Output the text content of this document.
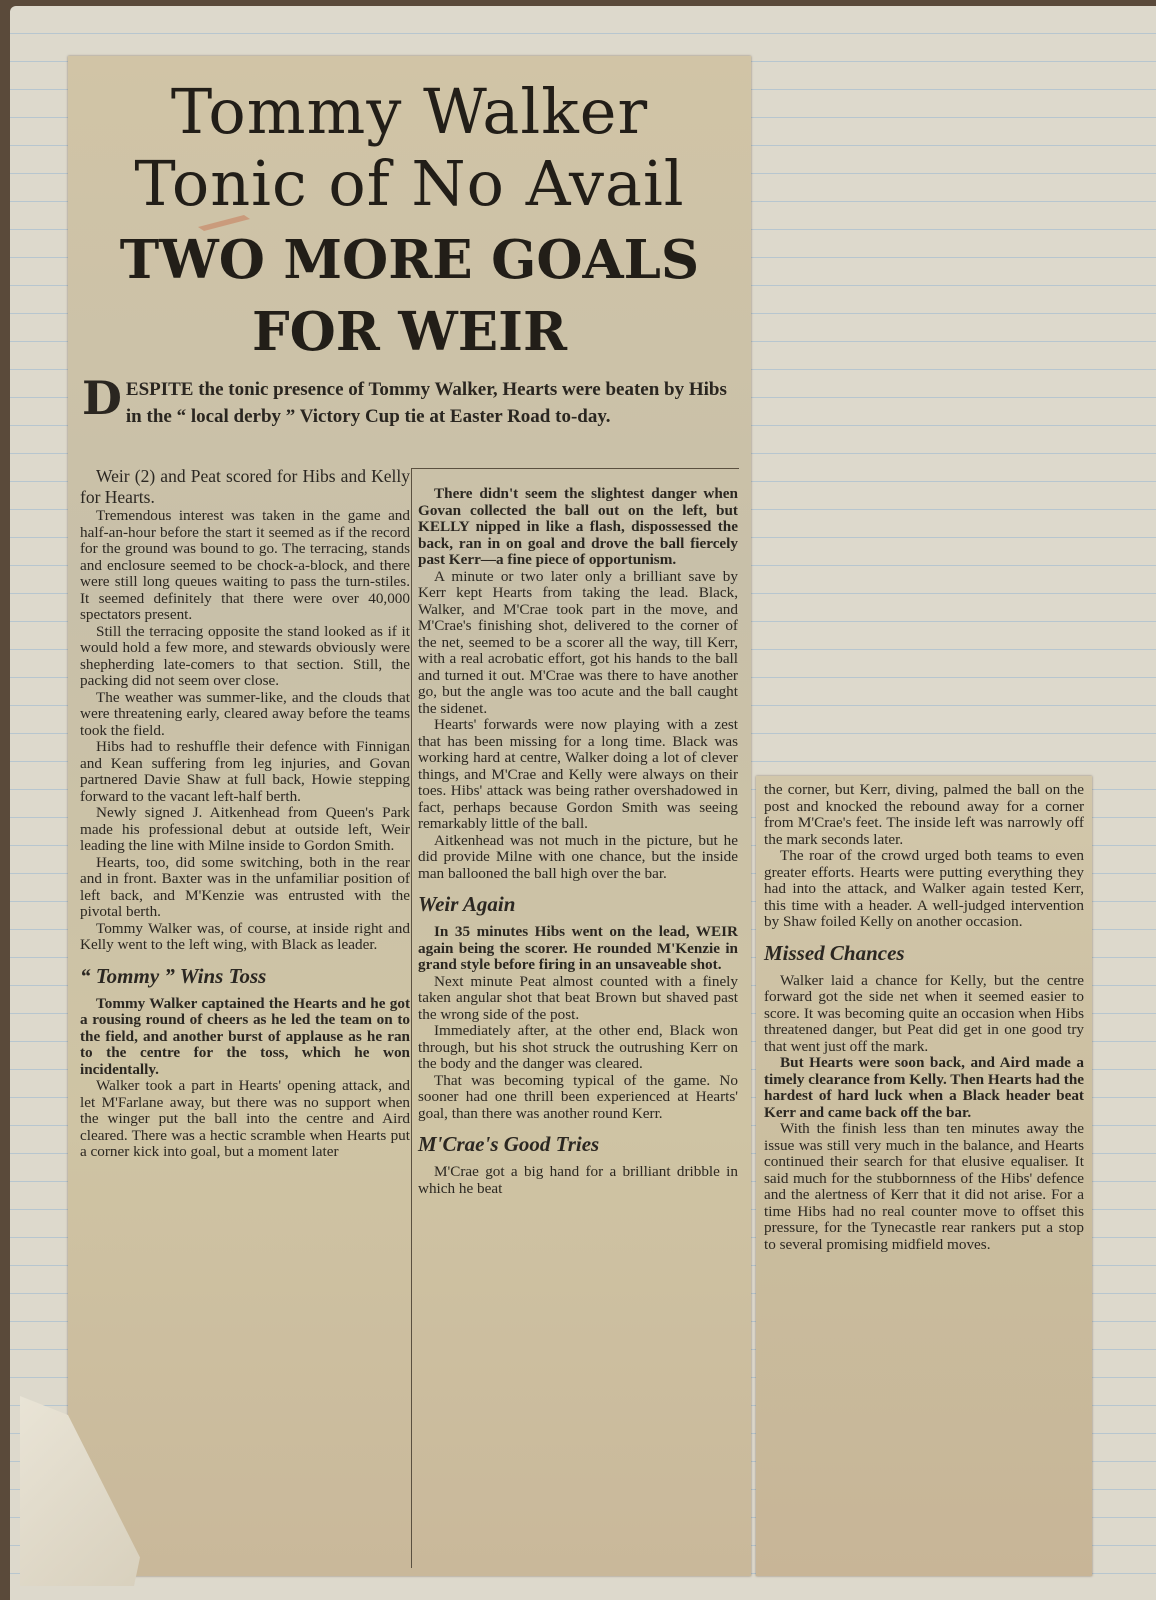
Tommy Walker
Tonic of No Avail
TWO MORE GOALS
FOR WEIR
D ESPITE the tonic presence of Tommy Walker, Hearts were beaten by Hibs in the “ local derby ” Victory Cup tie at Easter Road to-day.

Weir (2) and Peat scored for Hibs and Kelly for Hearts.

Tremendous interest was taken in the game and half-an-hour before the start it seemed as if the record for the ground was bound to go. The terracing, stands and enclosure seemed to be chock-a-block, and there were still long queues waiting to pass the turn-stiles. It seemed definitely that there were over 40,000 spectators present.

Still the terracing opposite the stand looked as if it would hold a few more, and stewards obviously were shepherding late-comers to that section. Still, the packing did not seem over close.

The weather was summer-like, and the clouds that were threatening early, cleared away before the teams took the field.

Hibs had to reshuffle their defence with Finnigan and Kean suffering from leg injuries, and Govan partnered Davie Shaw at full back, Howie stepping forward to the vacant left-half berth.

Newly signed J. Aitkenhead from Queen's Park made his professional debut at outside left, Weir leading the line with Milne inside to Gordon Smith.

Hearts, too, did some switching, both in the rear and in front. Baxter was in the unfamiliar position of left back, and M'Kenzie was entrusted with the pivotal berth.

Tommy Walker was, of course, at inside right and Kelly went to the left wing, with Black as leader.

“ Tommy ” Wins Toss

Tommy Walker captained the Hearts and he got a rousing round of cheers as he led the team on to the field, and another burst of applause as he ran to the centre for the toss, which he won incidentally.

Walker took a part in Hearts' opening attack, and let M'Farlane away, but there was no support when the winger put the ball into the centre and Aird cleared. There was a hectic scramble when Hearts put a corner kick into goal, but a moment later

There didn't seem the slightest danger when Govan collected the ball out on the left, but KELLY nipped in like a flash, dispossessed the back, ran in on goal and drove the ball fiercely past Kerr—a fine piece of opportunism.

A minute or two later only a brilliant save by Kerr kept Hearts from taking the lead. Black, Walker, and M'Crae took part in the move, and M'Crae's finishing shot, delivered to the corner of the net, seemed to be a scorer all the way, till Kerr, with a real acrobatic effort, got his hands to the ball and turned it out. M'Crae was there to have another go, but the angle was too acute and the ball caught the sidenet.

Hearts' forwards were now playing with a zest that has been missing for a long time. Black was working hard at centre, Walker doing a lot of clever things, and M'Crae and Kelly were always on their toes. Hibs' attack was being rather overshadowed in fact, perhaps because Gordon Smith was seeing remarkably little of the ball.

Aitkenhead was not much in the picture, but he did provide Milne with one chance, but the inside man ballooned the ball high over the bar.

Weir Again

In 35 minutes Hibs went on the lead, WEIR again being the scorer. He rounded M'Kenzie in grand style before firing in an unsaveable shot.

Next minute Peat almost counted with a finely taken angular shot that beat Brown but shaved past the wrong side of the post.

Immediately after, at the other end, Black won through, but his shot struck the outrushing Kerr on the body and the danger was cleared.

That was becoming typical of the game. No sooner had one thrill been experienced at Hearts' goal, than there was another round Kerr.

M'Crae's Good Tries

M'Crae got a big hand for a brilliant dribble in which he beat

the corner, but Kerr, diving, palmed the ball on the post and knocked the rebound away for a corner from M'Crae's feet. The inside left was narrowly off the mark seconds later.

The roar of the crowd urged both teams to even greater efforts. Hearts were putting everything they had into the attack, and Walker again tested Kerr, this time with a header. A well-judged intervention by Shaw foiled Kelly on another occasion.

Missed Chances

Walker laid a chance for Kelly, but the centre forward got the side net when it seemed easier to score. It was becoming quite an occasion when Hibs threatened danger, but Peat did get in one good try that went just off the mark.

But Hearts were soon back, and Aird made a timely clearance from Kelly. Then Hearts had the hardest of hard luck when a Black header beat Kerr and came back off the bar.

With the finish less than ten minutes away the issue was still very much in the balance, and Hearts continued their search for that elusive equaliser. It said much for the stubbornness of the Hibs' defence and the alertness of Kerr that it did not arise. For a time Hibs had no real counter move to offset this pressure, for the Tynecastle rear rankers put a stop to several promising midfield moves.
